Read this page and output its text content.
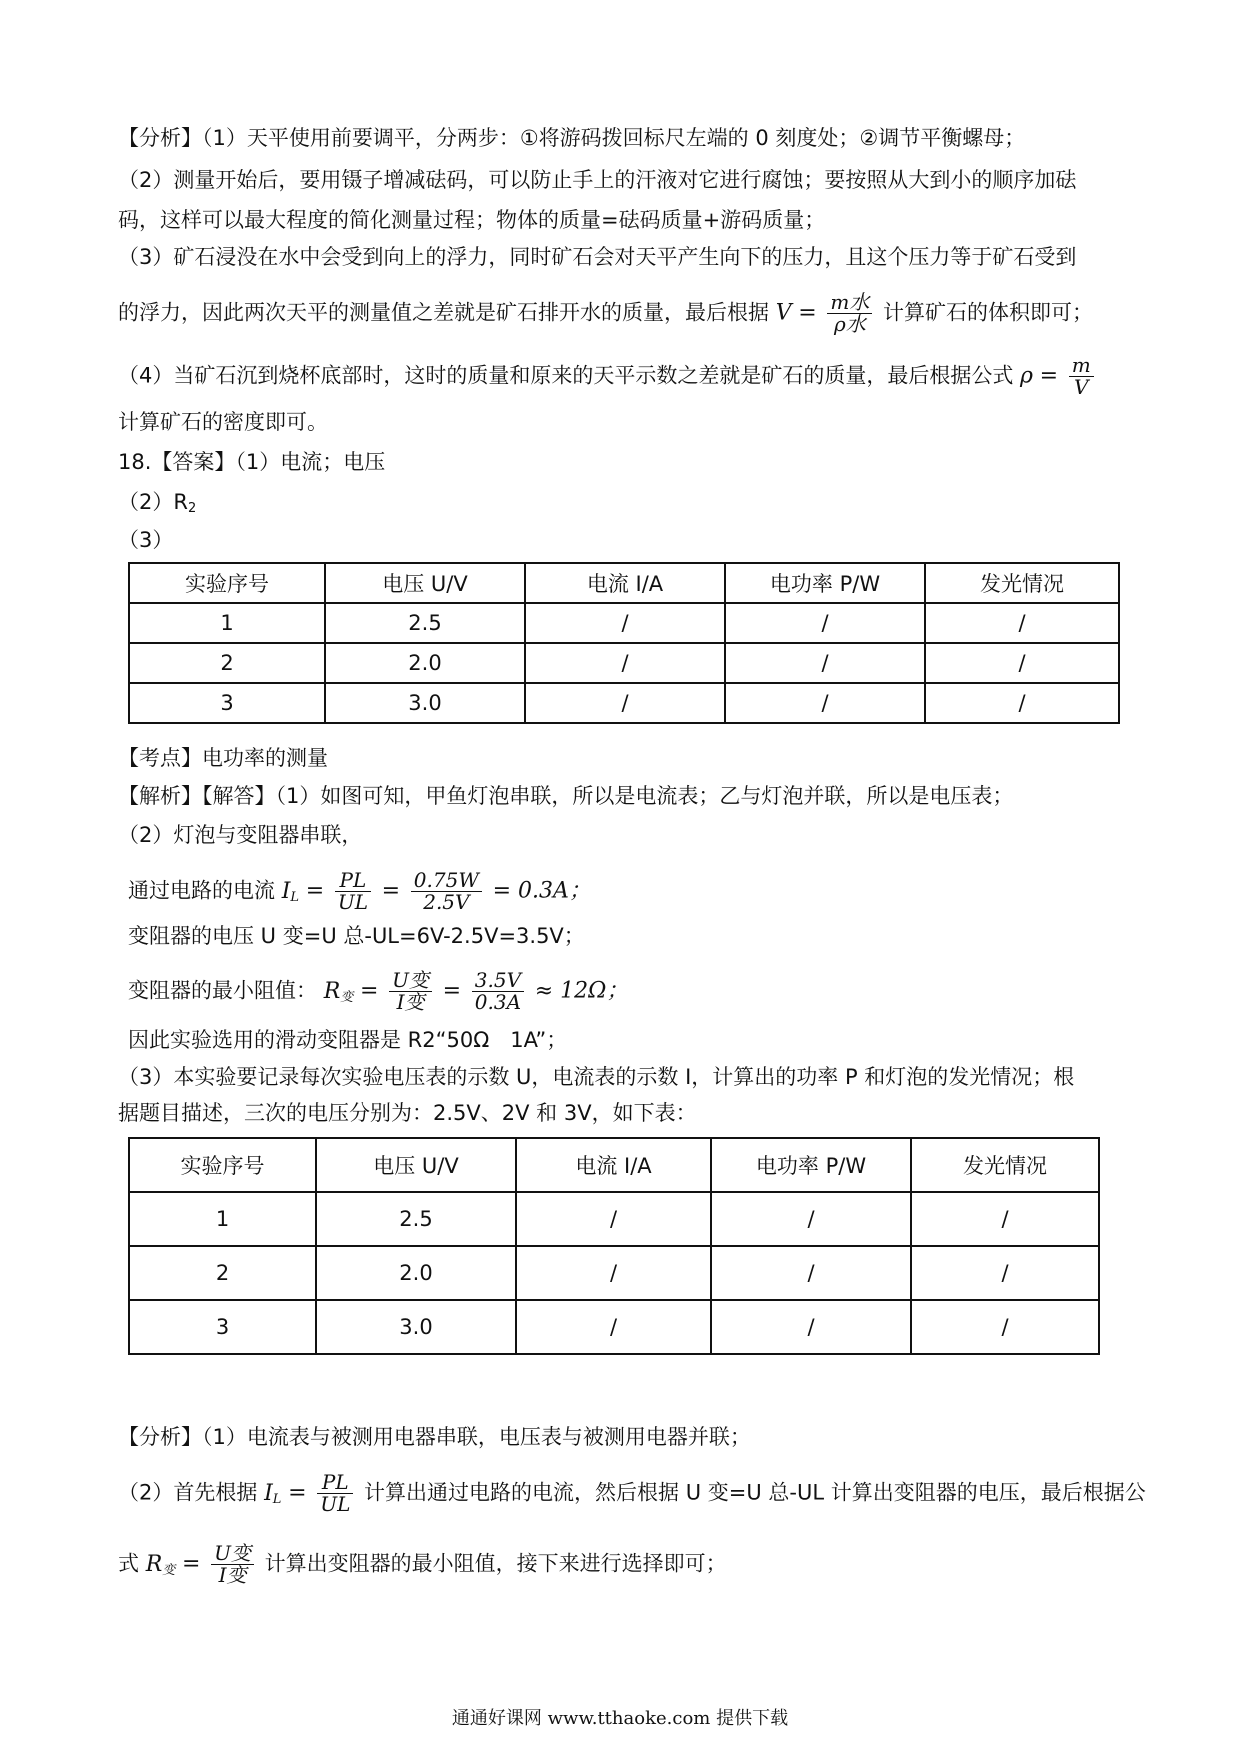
【分析】（1）天平使用前要调平，分两步：①将游码拨回标尺左端的 0 刻度处；②调节平衡螺母；
（2）测量开始后，要用镊子增减砝码，可以防止手上的汗液对它进行腐蚀；要按照从大到小的顺序加砝
码，这样可以最大程度的简化测量过程；物体的质量=砝码质量+游码质量；
（3）矿石浸没在水中会受到向上的浮力，同时矿石会对天平产生向下的压力，且这个压力等于矿石受到
的浮力，因此两次天平的测量值之差就是矿石排开水的质量，最后根据 $V = \frac{\text{m水}}{\text{ρ水}}$ 计算矿石的体积即可；
（4）当矿石沉到烧杯底部时，这时的质量和原来的天平示数之差就是矿石的质量，最后根据公式 $\rho = \frac{m}{V}$
计算矿石的密度即可。
18.【答案】（1）电流；电压
$(2)R_2$
（3）
实验序号	电压 U/V	电流 I/A	电功率 P/W	发光情况
1	2.5	/	/	/
2	2.0	/	/	/
3	3.0	/	/	/
【考点】电功率的测量
【解析】【解答】（1）如图可知，甲鱼灯泡串联，所以是电流表；乙与灯泡并联，所以是电压表；
（2）灯泡与变阻器串联，
通过电路的电流 $I_L = \frac{PL}{UL} = \frac{0.75W}{2.5V} = 0.3A$；
变阻器的电压 U 变=U 总-UL=6V-2.5V=3.5V；
变阻器的最小阻值： $R_变 = \frac{\text{U变}}{\text{I变}} = \frac{3.5V}{0.3A} \approx 12\Omega$；
因此实验选用的滑动变阻器是 R2“50Ω　1A”；
（3）本实验要记录每次实验电压表的示数 U，电流表的示数 I，计算出的功率 P 和灯泡的发光情况；根
据题目描述，三次的电压分别为：2.5V、2V 和 3V，如下表：
实验序号	电压 U/V	电流 I/A	电功率 P/W	发光情况
1	2.5	/	/	/
2	2.0	/	/	/
3	3.0	/	/	/
【分析】（1）电流表与被测用电器串联，电压表与被测用电器并联；
（2）首先根据 $I_L = \frac{PL}{UL}$ 计算出通过电路的电流，然后根据 U 变=U 总-UL 计算出变阻器的电压，最后根据公
式 $R_变 = \frac{\text{U变}}{\text{I变}}$ 计算出变阻器的最小阻值，接下来进行选择即可；
通通好课网 www.tthaoke.com 提供下载
